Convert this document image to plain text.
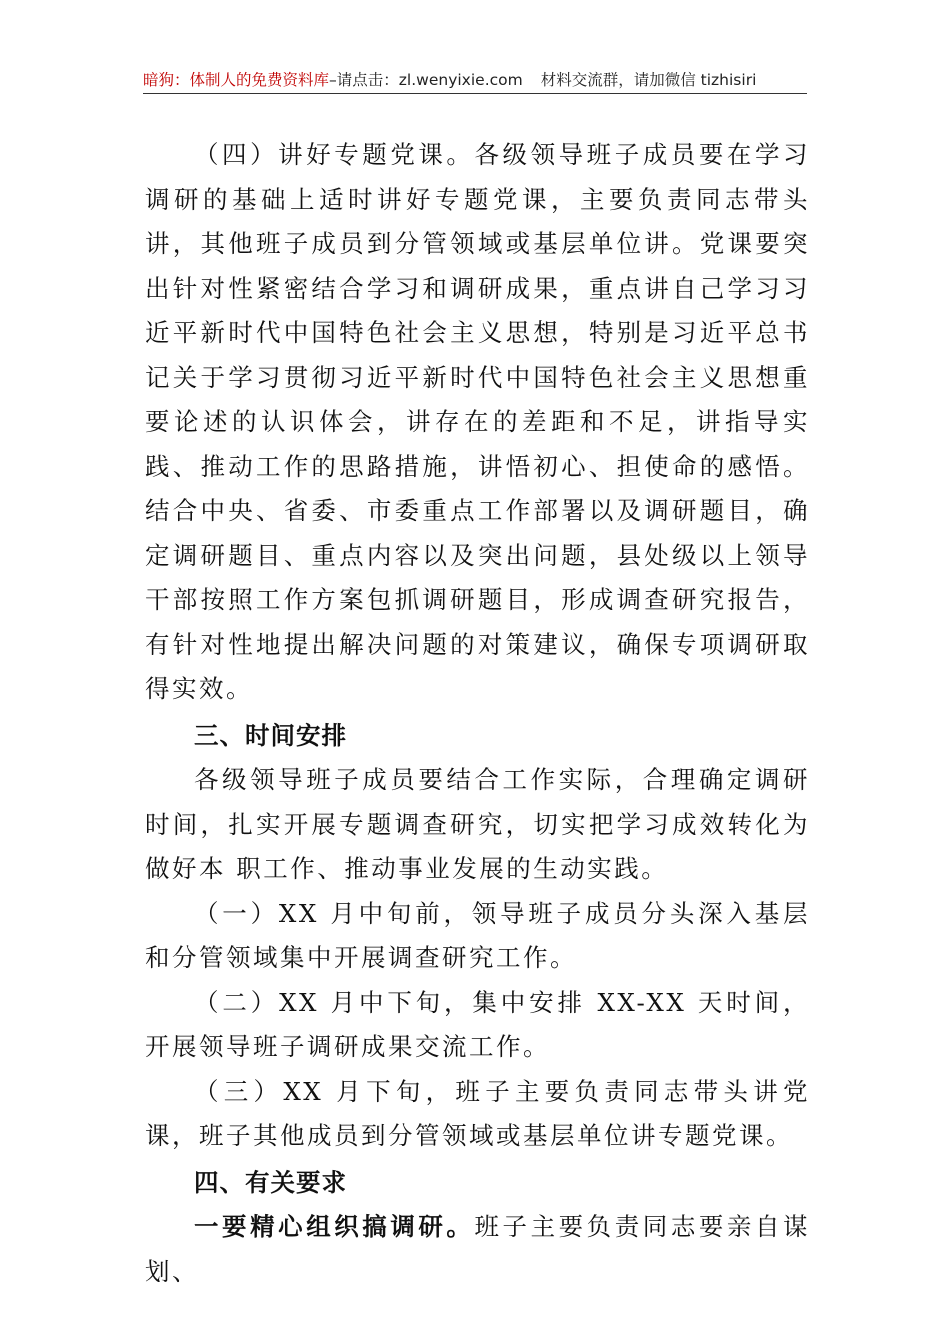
暗狗：体制人的免费资料库–请点击：zl.wenyixie.com 材料交流群，请加微信 tizhisiri

（四）讲好专题党课。各级领导班子成员要在学习调研的基础上适时讲好专题党课，主要负责同志带头讲，其他班子成员到分管领域或基层单位讲。党课要突出针对性紧密结合学习和调研成果，重点讲自己学习习近平新时代中国特色社会主义思想，特别是习近平总书记关于学习贯彻习近平新时代中国特色社会主义思想重要论述的认识体会，讲存在的差距和不足，讲指导实践、推动工作的思路措施，讲悟初心、担使命的感悟。结合中央、省委、市委重点工作部署以及调研题目，确定调研题目、重点内容以及突出问题，县处级以上领导干部按照工作方案包抓调研题目，形成调查研究报告，有针对性地提出解决问题的对策建议，确保专项调研取得实效。

三、时间安排

各级领导班子成员要结合工作实际，合理确定调研时间，扎实开展专题调查研究，切实把学习成效转化为做好本 职工作、推动事业发展的生动实践。

（一）XX 月中旬前，领导班子成员分头深入基层和分管领域集中开展调查研究工作。

（二）XX 月中下旬，集中安排 XX-XX 天时间，开展领导班子调研成果交流工作。

（三）XX 月下旬，班子主要负责同志带头讲党课，班子其他成员到分管领域或基层单位讲专题党课。

四、有关要求

一要精心组织搞调研。班子主要负责同志要亲自谋划、
